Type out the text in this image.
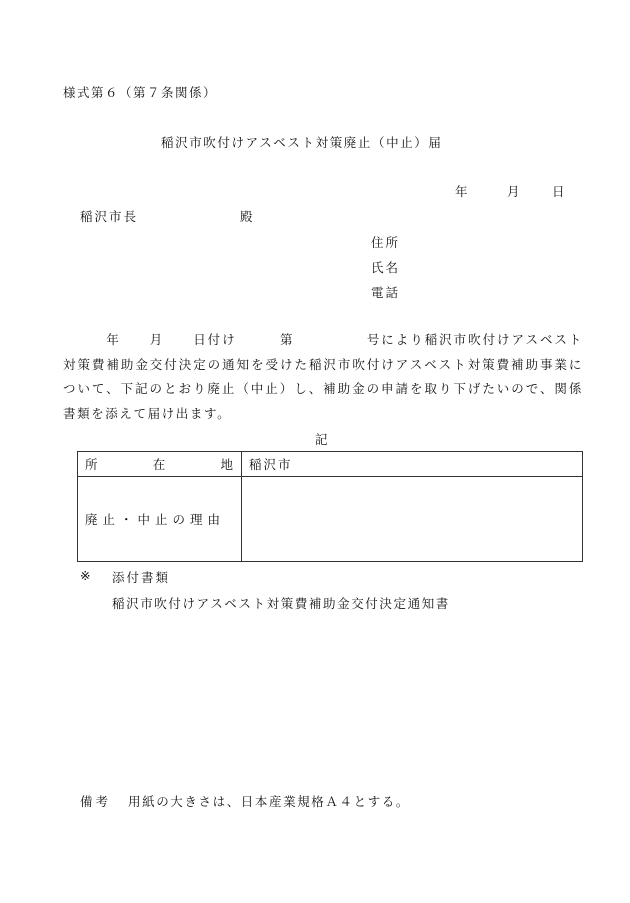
様式第６（第７条関係）
稲沢市吹付けアスベスト対策廃止（中止）届
年	月	日
稲沢市長	殿
住所
氏名
電話
　　　年　　月　　日付け　　　第　　　　　号により稲沢市吹付けアスベスト対策費補助金交付決定の通知を受けた稲沢市吹付けアスベスト対策費補助事業について、下記のとおり廃止（中止）し、補助金の申請を取り下げたいので、関係書類を添えて届け出ます。
記
所 在 地	稲沢市
廃止・中止の理由	
※ 添付書類
稲沢市吹付けアスベスト対策費補助金交付決定通知書
備考 用紙の大きさは、日本産業規格Ａ４とする。
